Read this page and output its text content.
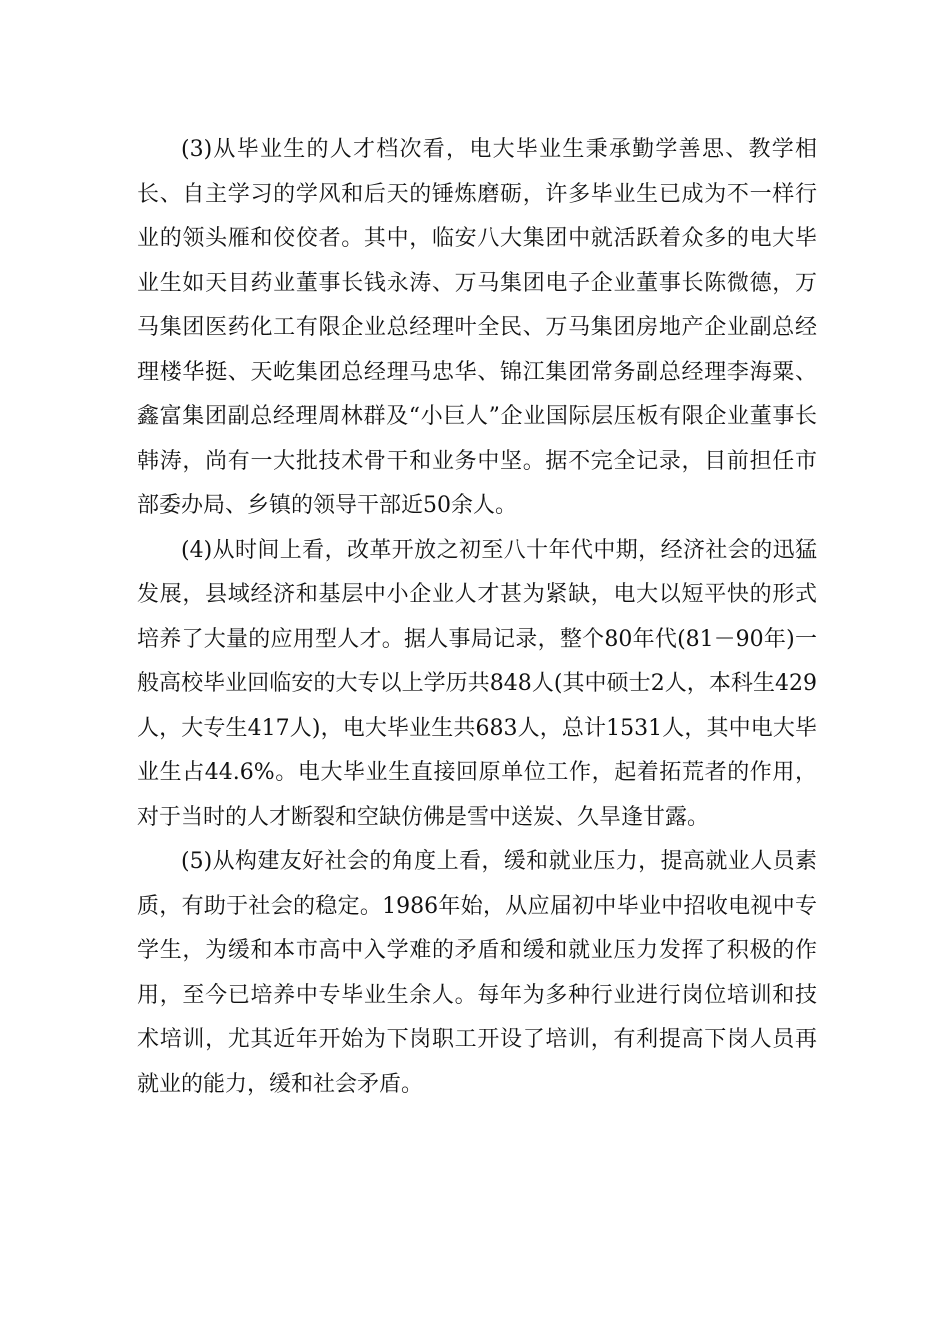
(3)从毕业生的人才档次看，电大毕业生秉承勤学善思、教学相长、自主学习的学风和后天的锤炼磨砺，许多毕业生已成为不一样行业的领头雁和佼佼者。其中，临安八大集团中就活跃着众多的电大毕业生如天目药业董事长钱永涛、万马集团电子企业董事长陈微德，万马集团医药化工有限企业总经理叶全民、万马集团房地产企业副总经理楼华挺、天屹集团总经理马忠华、锦江集团常务副总经理李海粟、鑫富集团副总经理周林群及“小巨人”企业国际层压板有限企业董事长韩涛，尚有一大批技术骨干和业务中坚。据不完全记录，目前担任市部委办局、乡镇的领导干部近50余人。

(4)从时间上看，改革开放之初至八十年代中期，经济社会的迅猛发展，县域经济和基层中小企业人才甚为紧缺，电大以短平快的形式培养了大量的应用型人才。据人事局记录，整个80年代(81－90年)一般高校毕业回临安的大专以上学历共848人(其中硕士2人，本科生429人，大专生417人)，电大毕业生共683人，总计1531人，其中电大毕业生占44.6%。电大毕业生直接回原单位工作，起着拓荒者的作用，对于当时的人才断裂和空缺仿佛是雪中送炭、久旱逢甘露。

(5)从构建友好社会的角度上看，缓和就业压力，提高就业人员素质，有助于社会的稳定。1986年始，从应届初中毕业中招收电视中专学生，为缓和本市高中入学难的矛盾和缓和就业压力发挥了积极的作用，至今已培养中专毕业生余人。每年为多种行业进行岗位培训和技术培训，尤其近年开始为下岗职工开设了培训，有利提高下岗人员再就业的能力，缓和社会矛盾。
